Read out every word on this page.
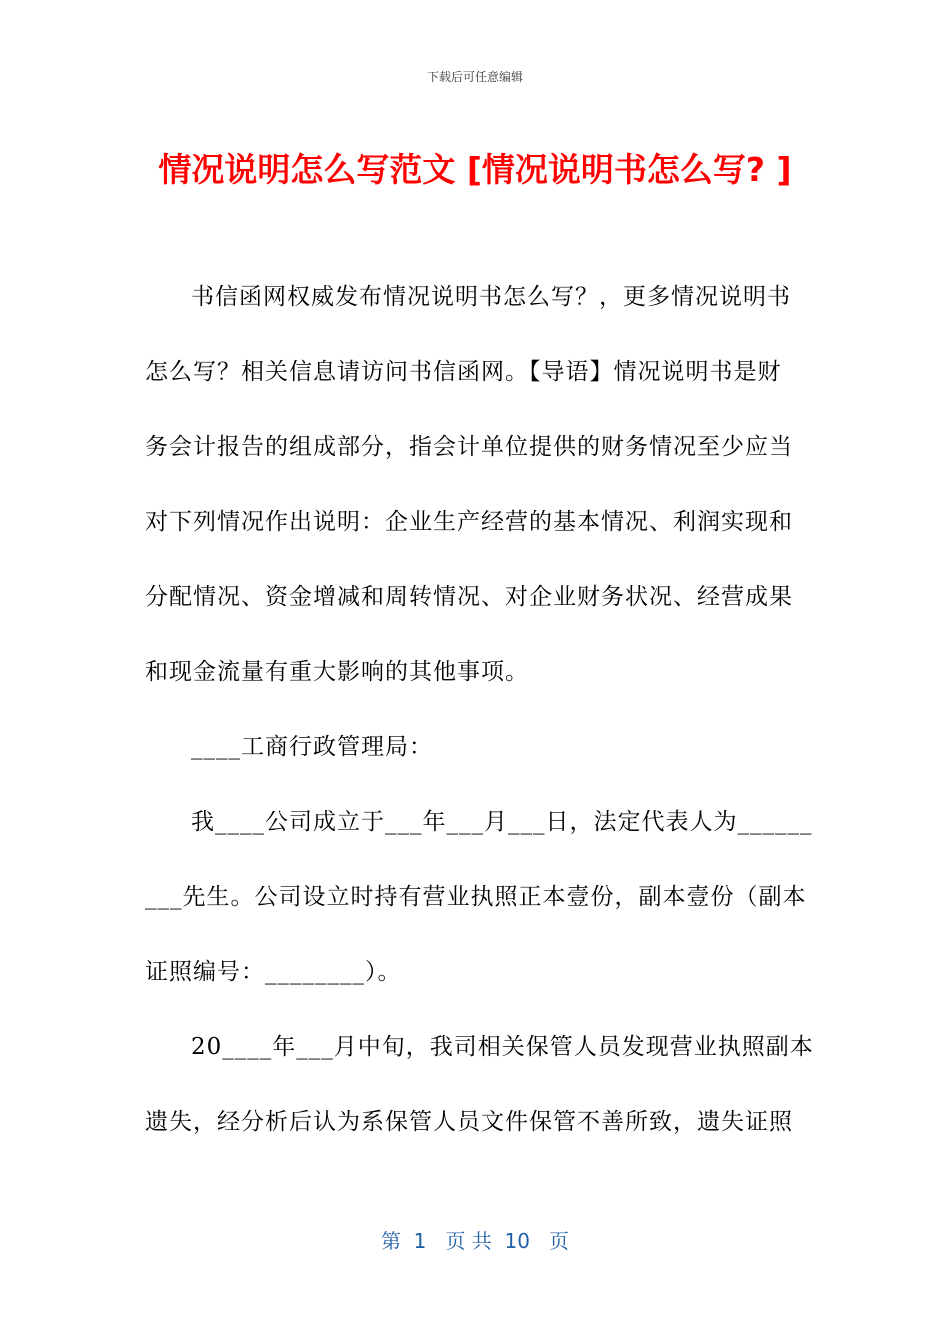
下载后可任意编辑
情况说明怎么写范文 [情况说明书怎么写? ]
书信函网权威发布情况说明书怎么写？，更多情况说明书
怎么写？相关信息请访问书信函网。【导语】情况说明书是财
务会计报告的组成部分，指会计单位提供的财务情况至少应当
对下列情况作出说明：企业生产经营的基本情况、利润实现和
分配情况、资金增减和周转情况、对企业财务状况、经营成果
和现金流量有重大影响的其他事项。
____工商行政管理局：
我____公司成立于___年___月___日，法定代表人为______
___先生。公司设立时持有营业执照正本壹份，副本壹份（副本
证照编号：________）。
20____年___月中旬，我司相关保管人员发现营业执照副本
遗失，经分析后认为系保管人员文件保管不善所致，遗失证照
第  1   页 共  10   页
